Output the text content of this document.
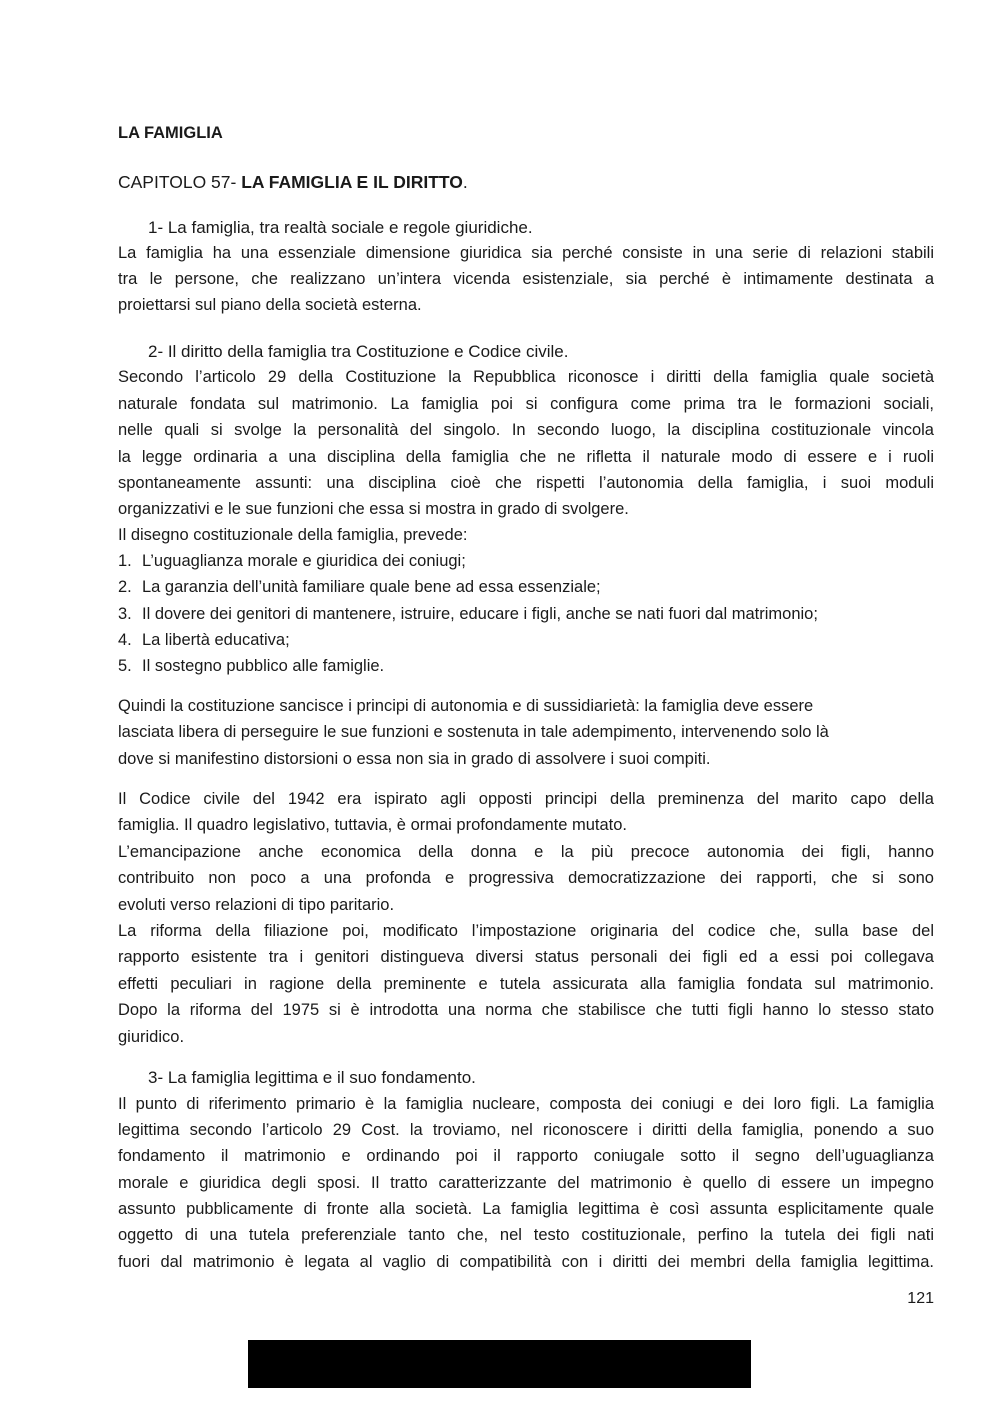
LA FAMIGLIA
CAPITOLO 57- LA FAMIGLIA E IL DIRITTO.
1- La famiglia, tra realtà sociale e regole giuridiche.
La famiglia ha una essenziale dimensione giuridica sia perché consiste in una serie di relazioni stabili
tra le persone, che realizzano un’intera vicenda esistenziale, sia perché è intimamente destinata a
proiettarsi sul piano della società esterna.
2- Il diritto della famiglia tra Costituzione e Codice civile.
Secondo l’articolo 29 della Costituzione la Repubblica riconosce i diritti della famiglia quale società
naturale fondata sul matrimonio. La famiglia poi si configura come prima tra le formazioni sociali,
nelle quali si svolge la personalità del singolo. In secondo luogo, la disciplina costituzionale vincola
la legge ordinaria a una disciplina della famiglia che ne rifletta il naturale modo di essere e i ruoli
spontaneamente assunti: una disciplina cioè che rispetti l’autonomia della famiglia, i suoi moduli
organizzativi e le sue funzioni che essa si mostra in grado di svolgere.
Il disegno costituzionale della famiglia, prevede:
1. L’uguaglianza morale e giuridica dei coniugi;
2. La garanzia dell’unità familiare quale bene ad essa essenziale;
3. Il dovere dei genitori di mantenere, istruire, educare i figli, anche se nati fuori dal matrimonio;
4. La libertà educativa;
5. Il sostegno pubblico alle famiglie.
Quindi la costituzione sancisce i principi di autonomia e di sussidiarietà: la famiglia deve essere
lasciata libera di perseguire le sue funzioni e sostenuta in tale adempimento, intervenendo solo là
dove si manifestino distorsioni o essa non sia in grado di assolvere i suoi compiti.
Il Codice civile del 1942 era ispirato agli opposti principi della preminenza del marito capo della
famiglia. Il quadro legislativo, tuttavia, è ormai profondamente mutato.
L’emancipazione anche economica della donna e la più precoce autonomia dei figli, hanno
contribuito non poco a una profonda e progressiva democratizzazione dei rapporti, che si sono
evoluti verso relazioni di tipo paritario.
La riforma della filiazione poi, modificato l’impostazione originaria del codice che, sulla base del
rapporto esistente tra i genitori distingueva diversi status personali dei figli ed a essi poi collegava
effetti peculiari in ragione della preminente e tutela assicurata alla famiglia fondata sul matrimonio.
Dopo la riforma del 1975 si è introdotta una norma che stabilisce che tutti figli hanno lo stesso stato
giuridico.
3- La famiglia legittima e il suo fondamento.
Il punto di riferimento primario è la famiglia nucleare, composta dei coniugi e dei loro figli. La famiglia
legittima secondo l’articolo 29 Cost. la troviamo, nel riconoscere i diritti della famiglia, ponendo a suo
fondamento il matrimonio e ordinando poi il rapporto coniugale sotto il segno dell’uguaglianza
morale e giuridica degli sposi. Il tratto caratterizzante del matrimonio è quello di essere un impegno
assunto pubblicamente di fronte alla società. La famiglia legittima è così assunta esplicitamente quale
oggetto di una tutela preferenziale tanto che, nel testo costituzionale, perfino la tutela dei figli nati
fuori dal matrimonio è legata al vaglio di compatibilità con i diritti dei membri della famiglia legittima.
121
